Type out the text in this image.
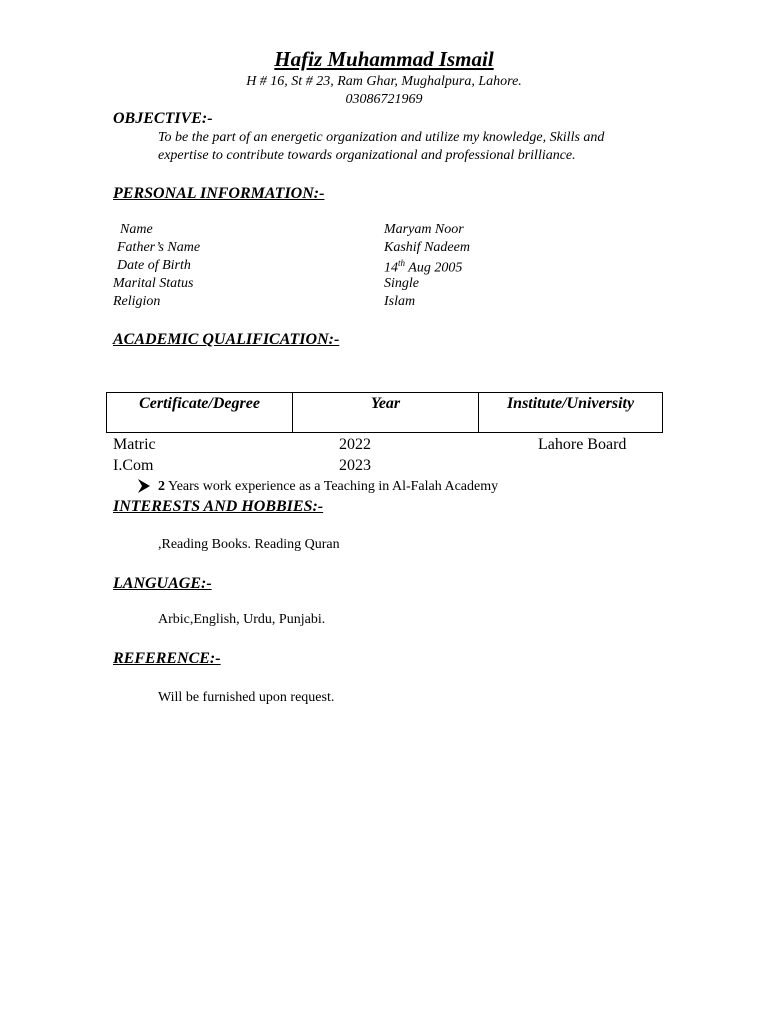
Hafiz Muhammad Ismail
H # 16, St # 23, Ram Ghar, Mughalpura, Lahore.
03086721969
OBJECTIVE:-
To be the part of an energetic organization and utilize my knowledge, Skills and
expertise to contribute towards organizational and professional brilliance.
PERSONAL INFORMATION:-
Name	Maryam Noor
Father’s Name	Kashif Nadeem
Date of Birth	14th Aug 2005
Marital Status	Single
Religion	Islam
ACADEMIC QUALIFICATION:-
Certificate/Degree	Year	Institute/University
Matric	2022	Lahore Board
I.Com	2023
2 Years work experience as a Teaching in Al-Falah Academy
INTERESTS AND HOBBIES:-
,Reading Books. Reading Quran
LANGUAGE:-
Arbic,English, Urdu, Punjabi.
REFERENCE:-
Will be furnished upon request.
